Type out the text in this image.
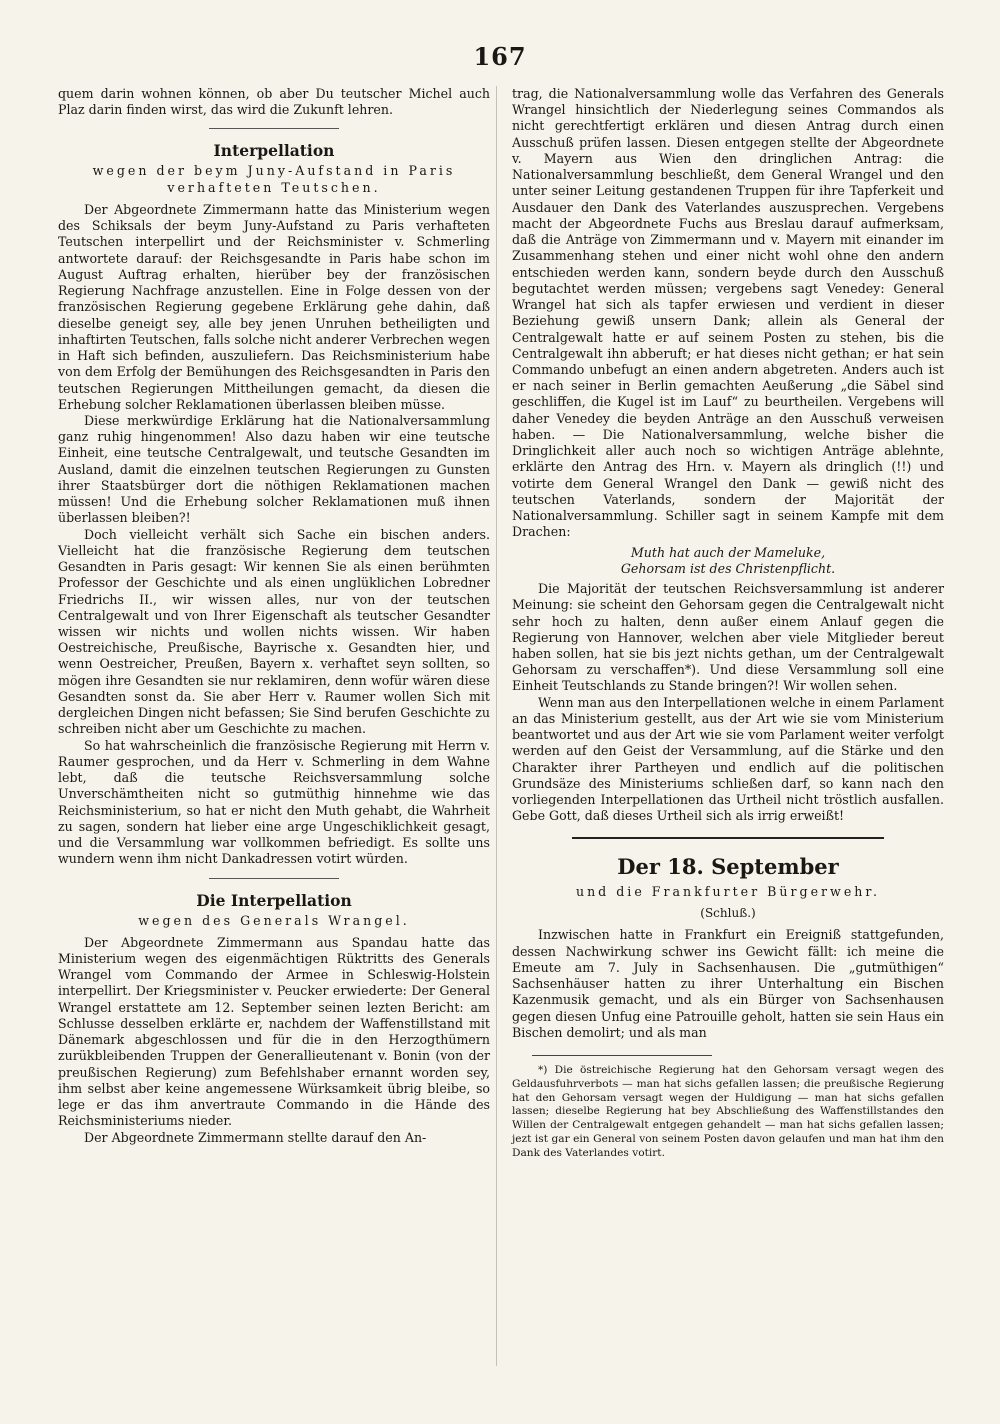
167

quem darin wohnen können, ob aber Du teutscher Michel auch Plaz darin finden wirst, das wird die Zukunft lehren.

Interpellation
wegen der beym Juny-Aufstand in Paris verhafteten Teutschen.

Der Abgeordnete Zimmermann hatte das Ministerium wegen des Schiksals der beym Juny-Aufstand zu Paris verhafteten Teutschen interpellirt und der Reichsminister v. Schmerling antwortete darauf: der Reichsgesandte in Paris habe schon im August Auftrag erhalten, hierüber bey der französischen Regierung Nachfrage anzustellen. Eine in Folge dessen von der französischen Regierung gegebene Erklärung gehe dahin, daß dieselbe geneigt sey, alle bey jenen Unruhen betheiligten und inhaftirten Teutschen, falls solche nicht anderer Verbrechen wegen in Haft sich befinden, auszuliefern. Das Reichsministerium habe von dem Erfolg der Bemühungen des Reichsgesandten in Paris den teutschen Regierungen Mittheilungen gemacht, da diesen die Erhebung solcher Reklamationen überlassen bleiben müsse.

Diese merkwürdige Erklärung hat die Nationalversammlung ganz ruhig hingenommen! Also dazu haben wir eine teutsche Einheit, eine teutsche Centralgewalt, und teutsche Gesandten im Ausland, damit die einzelnen teutschen Regierungen zu Gunsten ihrer Staatsbürger dort die nöthigen Reklamationen machen müssen! Und die Erhebung solcher Reklamationen muß ihnen überlassen bleiben?!

Doch vielleicht verhält sich Sache ein bischen anders. Vielleicht hat die französische Regierung dem teutschen Gesandten in Paris gesagt: Wir kennen Sie als einen berühmten Professor der Geschichte und als einen unglüklichen Lobredner Friedrichs II., wir wissen alles, nur von der teutschen Centralgewalt und von Ihrer Eigenschaft als teutscher Gesandter wissen wir nichts und wollen nichts wissen. Wir haben Oestreichische, Preußische, Bayrische x. Gesandten hier, und wenn Oestreicher, Preußen, Bayern x. verhaftet seyn sollten, so mögen ihre Gesandten sie nur reklamiren, denn wofür wären diese Gesandten sonst da. Sie aber Herr v. Raumer wollen Sich mit dergleichen Dingen nicht befassen; Sie Sind berufen Geschichte zu schreiben nicht aber um Geschichte zu machen.

So hat wahrscheinlich die französische Regierung mit Herrn v. Raumer gesprochen, und da Herr v. Schmerling in dem Wahne lebt, daß die teutsche Reichsversammlung solche Unverschämtheiten nicht so gutmüthig hinnehme wie das Reichsministerium, so hat er nicht den Muth gehabt, die Wahrheit zu sagen, sondern hat lieber eine arge Ungeschiklichkeit gesagt, und die Versammlung war vollkommen befriedigt. Es sollte uns wundern wenn ihm nicht Dankadressen votirt würden.

Die Interpellation
wegen des Generals Wrangel.

Der Abgeordnete Zimmermann aus Spandau hatte das Ministerium wegen des eigenmächtigen Rüktritts des Generals Wrangel vom Commando der Armee in Schleswig-Holstein interpellirt. Der Kriegsminister v. Peucker erwiederte: Der General Wrangel erstattete am 12. September seinen lezten Bericht: am Schlusse desselben erklärte er, nachdem der Waffenstillstand mit Dänemark abgeschlossen und für die in den Herzogthümern zurükbleibenden Truppen der Generallieutenant v. Bonin (von der preußischen Regierung) zum Befehlshaber ernannt worden sey, ihm selbst aber keine angemessene Würksamkeit übrig bleibe, so lege er das ihm anvertraute Commando in die Hände des Reichsministeriums nieder.

Der Abgeordnete Zimmermann stellte darauf den An-

trag, die Nationalversammlung wolle das Verfahren des Generals Wrangel hinsichtlich der Niederlegung seines Commandos als nicht gerechtfertigt erklären und diesen Antrag durch einen Ausschuß prüfen lassen. Diesen entgegen stellte der Abgeordnete v. Mayern aus Wien den dringlichen Antrag: die Nationalversammlung beschließt, dem General Wrangel und den unter seiner Leitung gestandenen Truppen für ihre Tapferkeit und Ausdauer den Dank des Vaterlandes auszusprechen. Vergebens macht der Abgeordnete Fuchs aus Breslau darauf aufmerksam, daß die Anträge von Zimmermann und v. Mayern mit einander im Zusammenhang stehen und einer nicht wohl ohne den andern entschieden werden kann, sondern beyde durch den Ausschuß begutachtet werden müssen; vergebens sagt Venedey: General Wrangel hat sich als tapfer erwiesen und verdient in dieser Beziehung gewiß unsern Dank; allein als General der Centralgewalt hatte er auf seinem Posten zu stehen, bis die Centralgewalt ihn abberuft; er hat dieses nicht gethan; er hat sein Commando unbefugt an einen andern abgetreten. Anders auch ist er nach seiner in Berlin gemachten Aeußerung „die Säbel sind geschliffen, die Kugel ist im Lauf“ zu beurtheilen. Vergebens will daher Venedey die beyden Anträge an den Ausschuß verweisen haben. — Die Nationalversammlung, welche bisher die Dringlichkeit aller auch noch so wichtigen Anträge ablehnte, erklärte den Antrag des Hrn. v. Mayern als dringlich (!!) und votirte dem General Wrangel den Dank — gewiß nicht des teutschen Vaterlands, sondern der Majorität der Nationalversammlung. Schiller sagt in seinem Kampfe mit dem Drachen:

Muth hat auch der Mameluke,
Gehorsam ist des Christenpflicht.

Die Majorität der teutschen Reichsversammlung ist anderer Meinung: sie scheint den Gehorsam gegen die Centralgewalt nicht sehr hoch zu halten, denn außer einem Anlauf gegen die Regierung von Hannover, welchen aber viele Mitglieder bereut haben sollen, hat sie bis jezt nichts gethan, um der Centralgewalt Gehorsam zu verschaffen*). Und diese Versammlung soll eine Einheit Teutschlands zu Stande bringen?! Wir wollen sehen.

Wenn man aus den Interpellationen welche in einem Parlament an das Ministerium gestellt, aus der Art wie sie vom Ministerium beantwortet und aus der Art wie sie vom Parlament weiter verfolgt werden auf den Geist der Versammlung, auf die Stärke und den Charakter ihrer Partheyen und endlich auf die politischen Grundsäze des Ministeriums schließen darf, so kann nach den vorliegenden Interpellationen das Urtheil nicht tröstlich ausfallen. Gebe Gott, daß dieses Urtheil sich als irrig erweißt!

Der 18. September
und die Frankfurter Bürgerwehr.
(Schluß.)

Inzwischen hatte in Frankfurt ein Ereigniß stattgefunden, dessen Nachwirkung schwer ins Gewicht fällt: ich meine die Emeute am 7. July in Sachsenhausen. Die „gutmüthigen“ Sachsenhäuser hatten zu ihrer Unterhaltung ein Bischen Kazenmusik gemacht, und als ein Bürger von Sachsenhausen gegen diesen Unfug eine Patrouille geholt, hatten sie sein Haus ein Bischen demolirt; und als man

*) Die östreichische Regierung hat den Gehorsam versagt wegen des Geldausfuhrverbots — man hat sichs gefallen lassen; die preußische Regierung hat den Gehorsam versagt wegen der Huldigung — man hat sichs gefallen lassen; dieselbe Regierung hat bey Abschließung des Waffenstillstandes den Willen der Centralgewalt entgegen gehandelt — man hat sichs gefallen lassen; jezt ist gar ein General von seinem Posten davon gelaufen und man hat ihm den Dank des Vaterlandes votirt.
